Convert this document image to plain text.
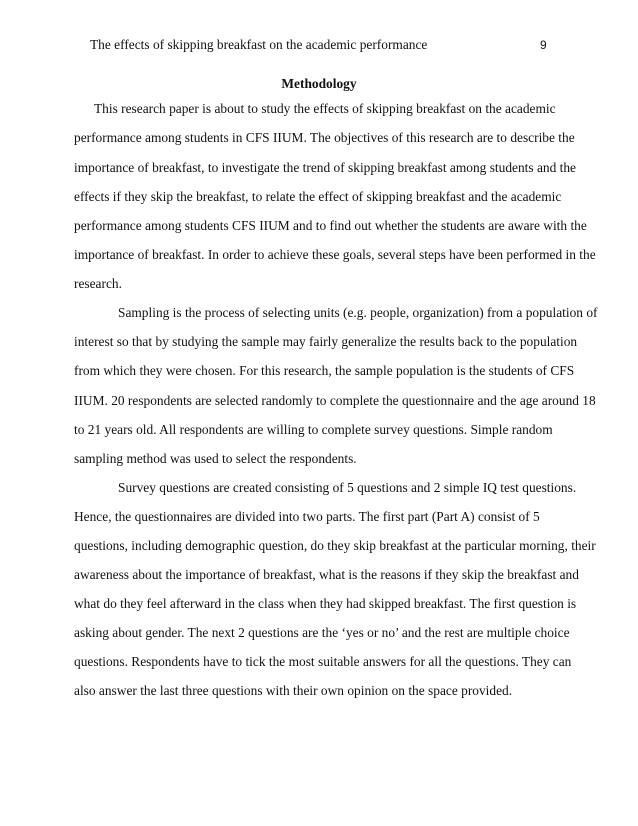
The effects of skipping breakfast on the academic performance	9
Methodology
This research paper is about to study the effects of skipping breakfast on the academic
performance among students in CFS IIUM. The objectives of this research are to describe the
importance of breakfast, to investigate the trend of skipping breakfast among students and the
effects if they skip the breakfast, to relate the effect of skipping breakfast and the academic
performance among students CFS IIUM and to find out whether the students are aware with the
importance of breakfast. In order to achieve these goals, several steps have been performed in the
research.
Sampling is the process of selecting units (e.g. people, organization) from a population of
interest so that by studying the sample may fairly generalize the results back to the population
from which they were chosen. For this research, the sample population is the students of CFS
IIUM. 20 respondents are selected randomly to complete the questionnaire and the age around 18
to 21 years old. All respondents are willing to complete survey questions. Simple random
sampling method was used to select the respondents.
Survey questions are created consisting of 5 questions and 2 simple IQ test questions.
Hence, the questionnaires are divided into two parts. The first part (Part A) consist of 5
questions, including demographic question, do they skip breakfast at the particular morning, their
awareness about the importance of breakfast, what is the reasons if they skip the breakfast and
what do they feel afterward in the class when they had skipped breakfast. The first question is
asking about gender. The next 2 questions are the ‘yes or no’ and the rest are multiple choice
questions. Respondents have to tick the most suitable answers for all the questions. They can
also answer the last three questions with their own opinion on the space provided.
